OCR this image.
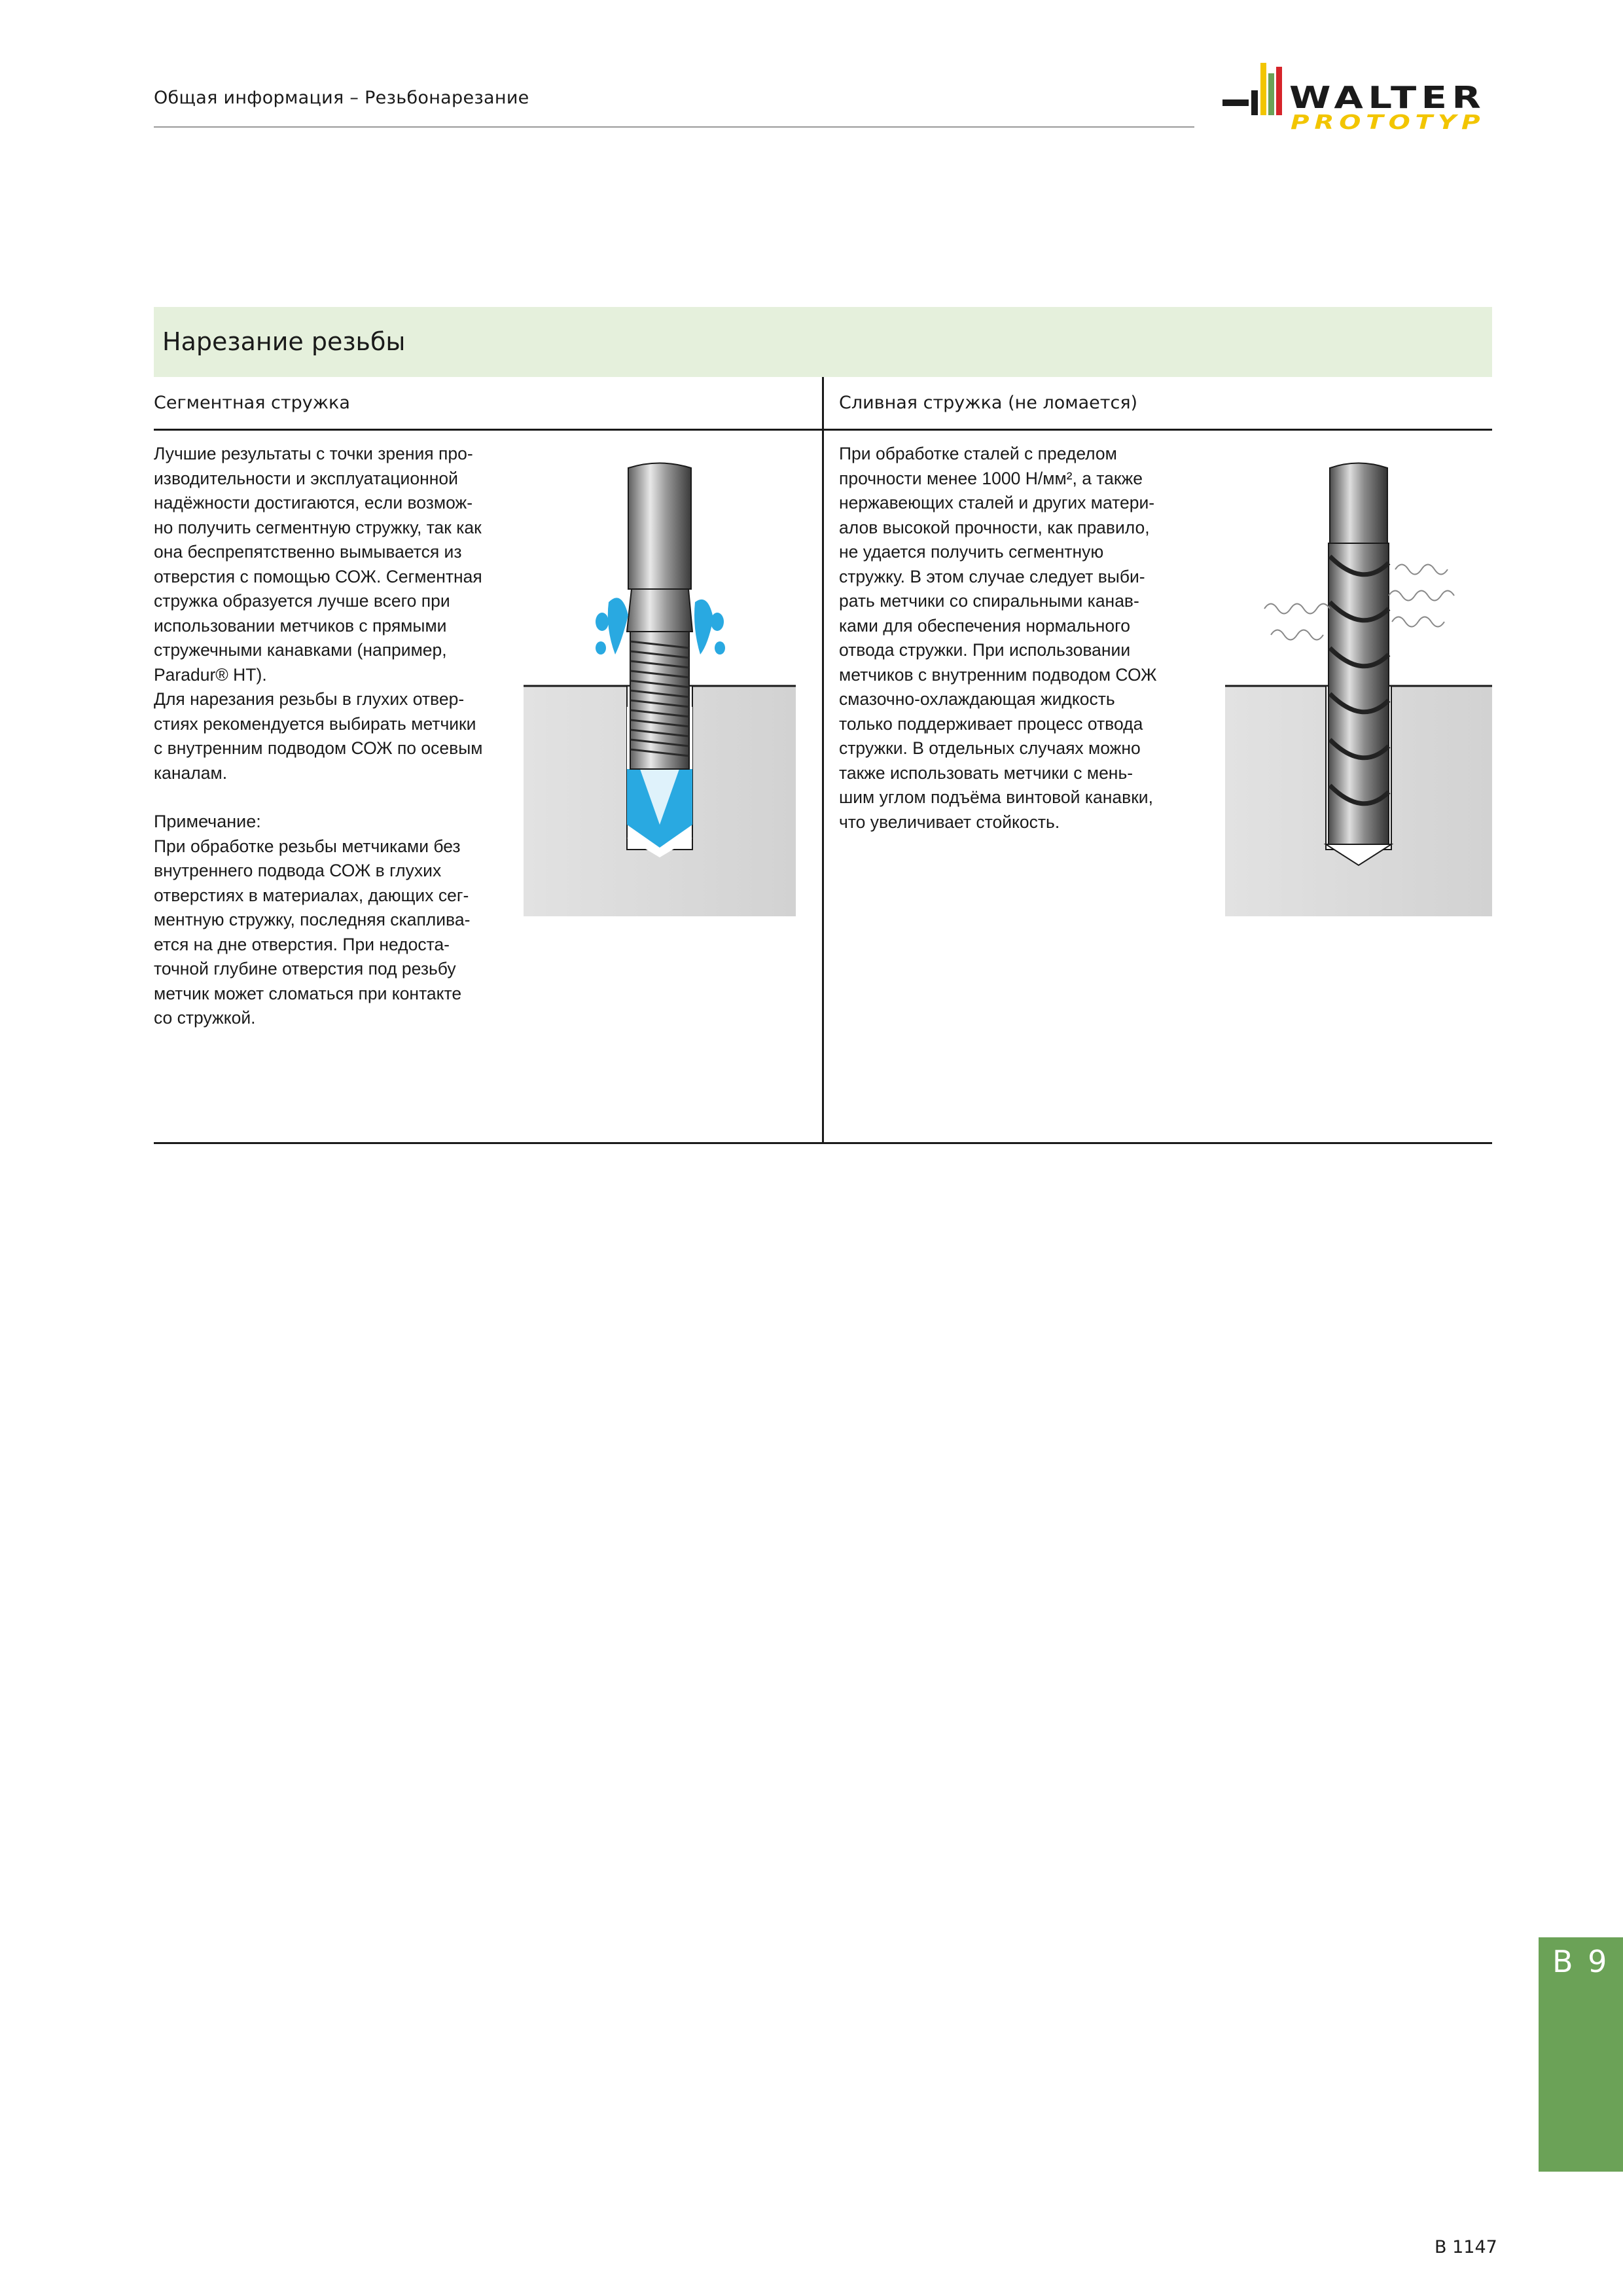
Общая информация – Резьбонарезание	WALTER
PROTOTYP
Нарезание резьбы
Сегментная стружка	Сливная стружка (не ломается)

Лучшие результаты с точки зрения про-
изводительности и эксплуатационной
надёжности достигаются, если возмож-
но получить сегментную стружку, так как
она беспрепятственно вымывается из
отверстия с помощью СОЖ. Сегментная
стружка образуется лучше всего при
использовании метчиков с прямыми
стружечными канавками (например,
Paradur® HT).
Для нарезания резьбы в глухих отвер-
стиях рекомендуется выбирать метчики
с внутренним подводом СОЖ по осевым
каналам.

Примечание:

При обработке резьбы метчиками без
внутреннего подвода СОЖ в глухих
отверстиях в материалах, дающих сег-
ментную стружку, последняя скаплива-
ется на дне отверстия. При недоста-
точной глубине отверстия под резьбу
метчик может сломаться при контакте
со стружкой.

При обработке сталей с пределом
прочности менее 1000 Н/мм², а также
нержавеющих сталей и других матери-
алов высокой прочности, как правило,
не удается получить сегментную
стружку. В этом случае следует выби-
рать метчики со спиральными канав-
ками для обеспечения нормального
отвода стружки. При использовании
метчиков с внутренним подводом СОЖ
смазочно-охлаждающая жидкость
только поддерживает процесс отвода
стружки. В отдельных случаях можно
также использовать метчики с мень-
шим углом подъёма винтовой канавки,
что увеличивает стойкость.

B 9
B 1147
